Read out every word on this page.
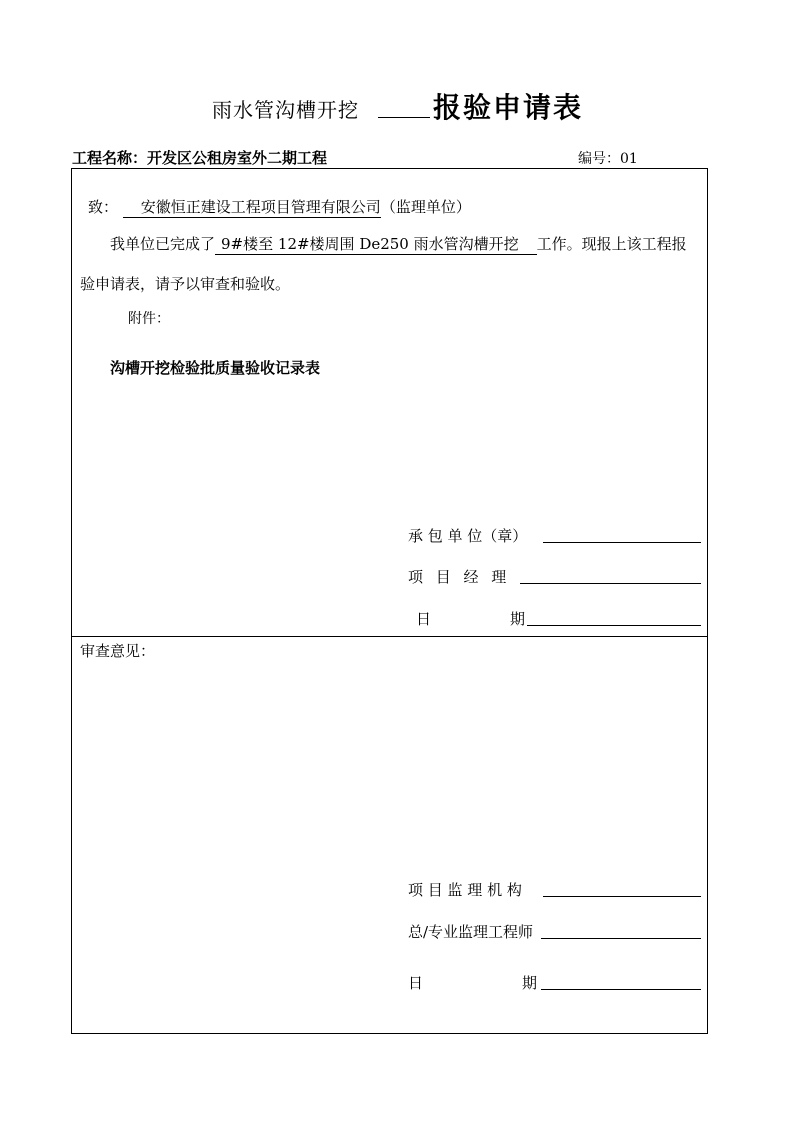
雨水管沟槽开挖	报验申请表
工程名称：开发区公租房室外二期工程	编号：01
致： 安徽恒正建设工程项目管理有限公司（监理单位）
我单位已完成了 9#楼至 12#楼周围 De250 雨水管沟槽开挖 工作。现报上该工程报
验申请表，请予以审查和验收。
附件：
沟槽开挖检验批质量验收记录表
承 包 单 位（章）
项 目 经 理
日	期
审查意见：
项 目 监 理 机 构
总/专业监理工程师
日	期
